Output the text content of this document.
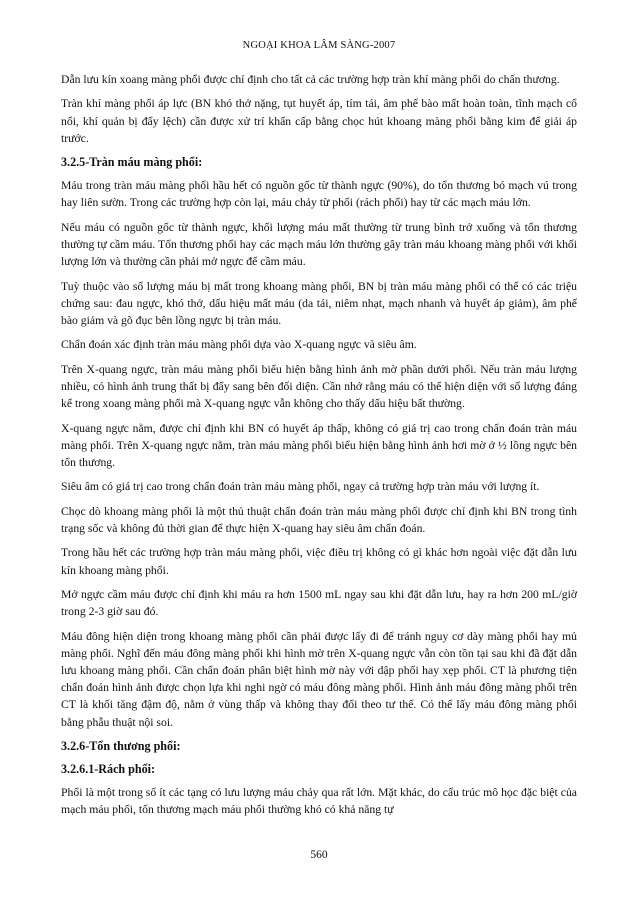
NGOẠI KHOA LÂM SÀNG-2007

Dẫn lưu kín xoang màng phổi được chỉ định cho tất cả các trường hợp tràn khí màng phổi do chấn thương.

Tràn khí màng phổi áp lực (BN khó thở nặng, tụt huyết áp, tím tái, âm phế bào mất hoàn toàn, tĩnh mạch cổ nổi, khí quản bị đẩy lệch) cần được xử trí khẩn cấp bằng chọc hút khoang màng phổi bằng kim để giải áp trước.

3.2.5-Tràn máu màng phổi:

Máu trong tràn máu màng phổi hầu hết có nguồn gốc từ thành ngực (90%), do tổn thương bó mạch vú trong hay liên sườn. Trong các trường hợp còn lại, máu chảy từ phổi (rách phổi) hay từ các mạch máu lớn.

Nếu máu có nguồn gốc từ thành ngực, khối lượng máu mất thường từ trung bình trở xuống và tổn thương thường tự cầm máu. Tổn thương phổi hay các mạch máu lớn thường gây tràn máu khoang màng phổi với khối lượng lớn và thường cần phải mở ngực để cầm máu.

Tuỳ thuộc vào số lượng máu bị mất trong khoang màng phổi, BN bị tràn máu màng phổi có thể có các triệu chứng sau: đau ngực, khó thở, dấu hiệu mất máu (da tái, niêm nhạt, mạch nhanh và huyết áp giảm), âm phế bào giảm và gõ đục bên lồng ngực bị tràn máu.

Chẩn đoán xác định tràn máu màng phổi dựa vào X-quang ngực và siêu âm.

Trên X-quang ngực, tràn máu màng phổi biểu hiện bằng hình ảnh mờ phần dưới phổi. Nếu tràn máu lượng nhiều, có hình ảnh trung thất bị đẩy sang bên đối diện. Cần nhớ rằng máu có thể hiện diện với số lượng đáng kể trong xoang màng phổi mà X-quang ngực vẫn không cho thấy dấu hiệu bất thường.

X-quang ngực nằm, được chỉ định khi BN có huyết áp thấp, không có giá trị cao trong chẩn đoán tràn máu màng phổi. Trên X-quang ngực nằm, tràn máu màng phổi biểu hiện bằng hình ảnh hơi mờ ở ½ lồng ngực bên tổn thương.

Siêu âm có giá trị cao trong chẩn đoán tràn máu màng phổi, ngay cả trường hợp tràn máu với lượng ít.

Chọc dò khoang màng phổi là một thủ thuật chẩn đoán tràn máu màng phổi được chỉ định khi BN trong tình trạng sốc và không đủ thời gian để thực hiện X-quang hay siêu âm chẩn đoán.

Trong hầu hết các trường hợp tràn máu màng phổi, việc điều trị không có gì khác hơn ngoài việc đặt dẫn lưu kín khoang màng phổi.

Mở ngực cầm máu được chỉ định khi máu ra hơn 1500 mL ngay sau khi đặt dẫn lưu, hay ra hơn 200 mL/giờ trong 2-3 giờ sau đó.

Máu đông hiện diện trong khoang màng phổi cần phải được lấy đi để tránh nguy cơ dày màng phổi hay mủ màng phổi. Nghĩ đến máu đông màng phổi khi hình mờ trên X-quang ngực vẫn còn tồn tại sau khi đã đặt dẫn lưu khoang màng phổi. Cần chẩn đoán phân biệt hình mờ này với dập phổi hay xẹp phổi. CT là phương tiện chẩn đoán hình ảnh được chọn lựa khi nghi ngờ có máu đông màng phổi. Hình ảnh máu đông màng phổi trên CT là khối tăng đậm độ, nằm ở vùng thấp và không thay đổi theo tư thế. Có thể lấy máu đông màng phổi bằng phẫu thuật nội soi.

3.2.6-Tổn thương phổi:
3.2.6.1-Rách phổi:

Phổi là một trong số ít các tạng có lưu lượng máu chảy qua rất lớn. Mặt khác, do cấu trúc mô học đặc biệt của mạch máu phổi, tổn thương mạch máu phổi thường khó có khả năng tự

560
